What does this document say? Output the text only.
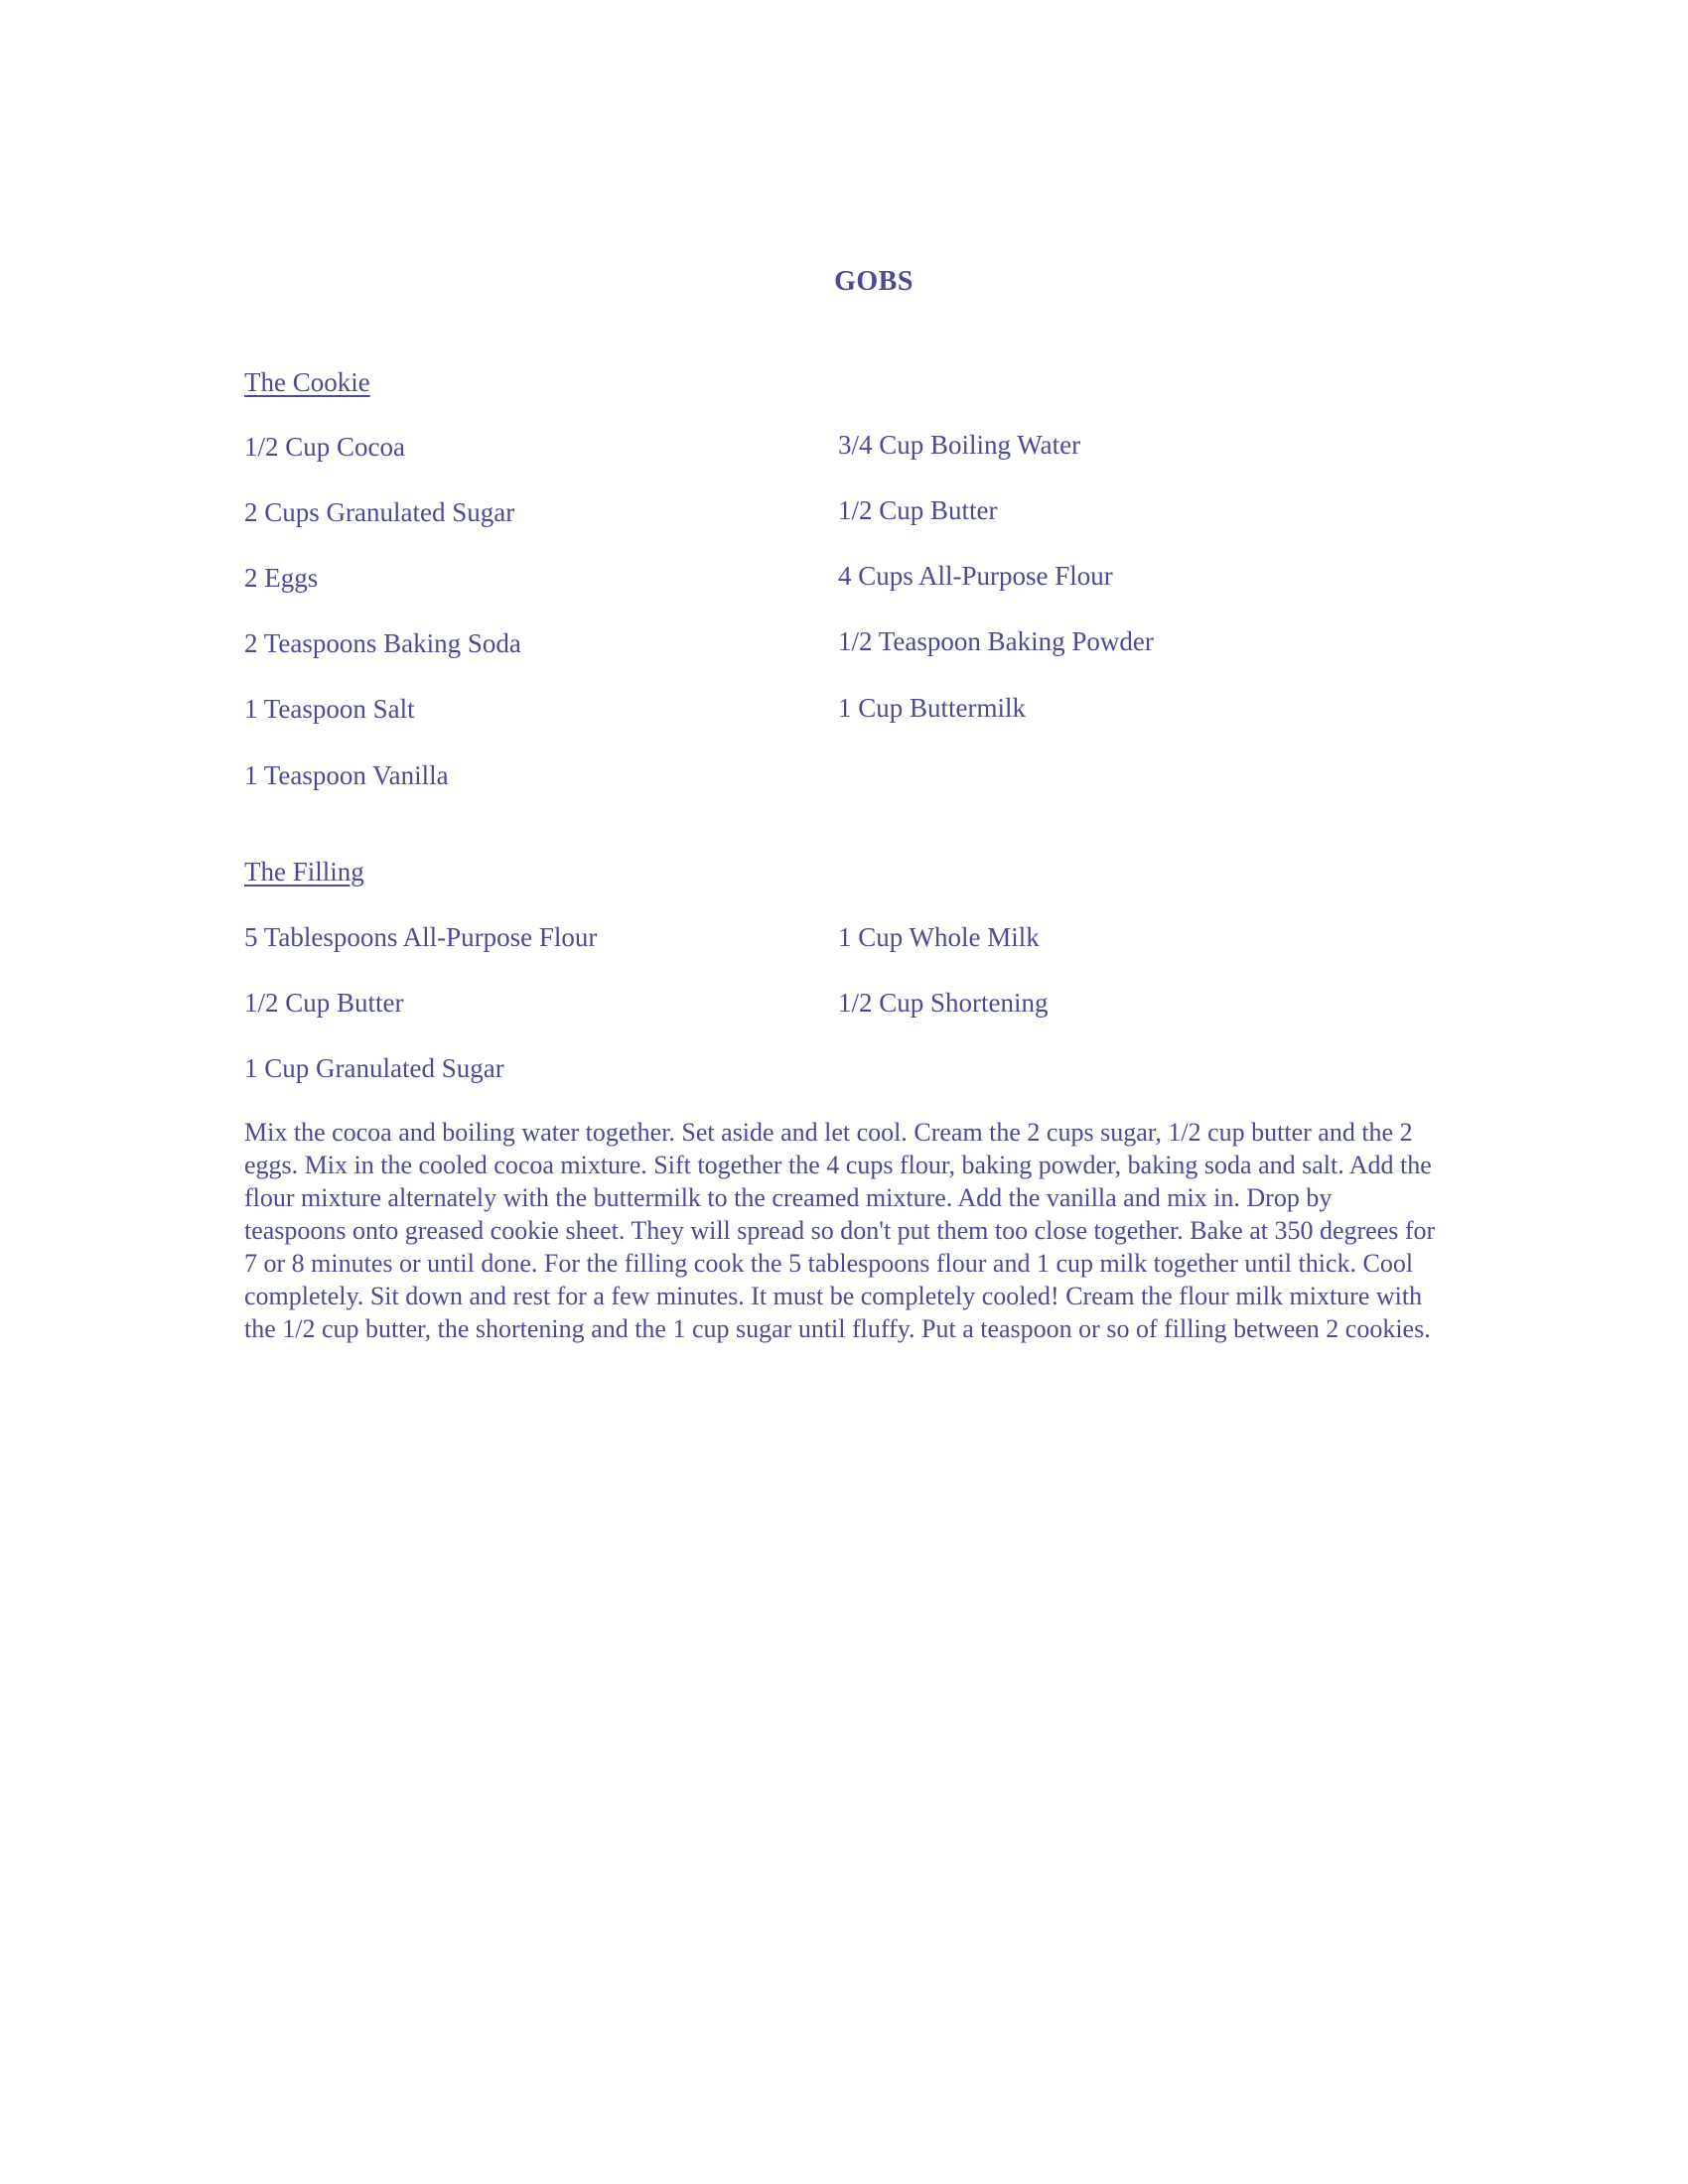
GOBS
The Cookie
1/2 Cup Cocoa
2 Cups Granulated Sugar
2 Eggs
2 Teaspoons Baking Soda
1 Teaspoon Salt
1 Teaspoon Vanilla
3/4 Cup Boiling Water
1/2 Cup Butter
4 Cups All-Purpose Flour
1/2 Teaspoon Baking Powder
1 Cup Buttermilk
The Filling
5 Tablespoons All-Purpose Flour
1/2 Cup Butter
1 Cup Granulated Sugar
1 Cup Whole Milk
1/2 Cup Shortening

Mix the cocoa and boiling water together. Set aside and let cool. Cream the 2 cups sugar, 1/2 cup butter and the 2 eggs. Mix in the cooled cocoa mixture. Sift together the 4 cups flour, baking powder, baking soda and salt. Add the flour mixture alternately with the buttermilk to the creamed mixture. Add the vanilla and mix in. Drop by teaspoons onto greased cookie sheet. They will spread so don't put them too close together. Bake at 350 degrees for 7 or 8 minutes or until done. For the filling cook the 5 tablespoons flour and 1 cup milk together until thick. Cool completely. Sit down and rest for a few minutes. It must be completely cooled! Cream the flour milk mixture with the 1/2 cup butter, the shortening and the 1 cup sugar until fluffy. Put a teaspoon or so of filling between 2 cookies.
